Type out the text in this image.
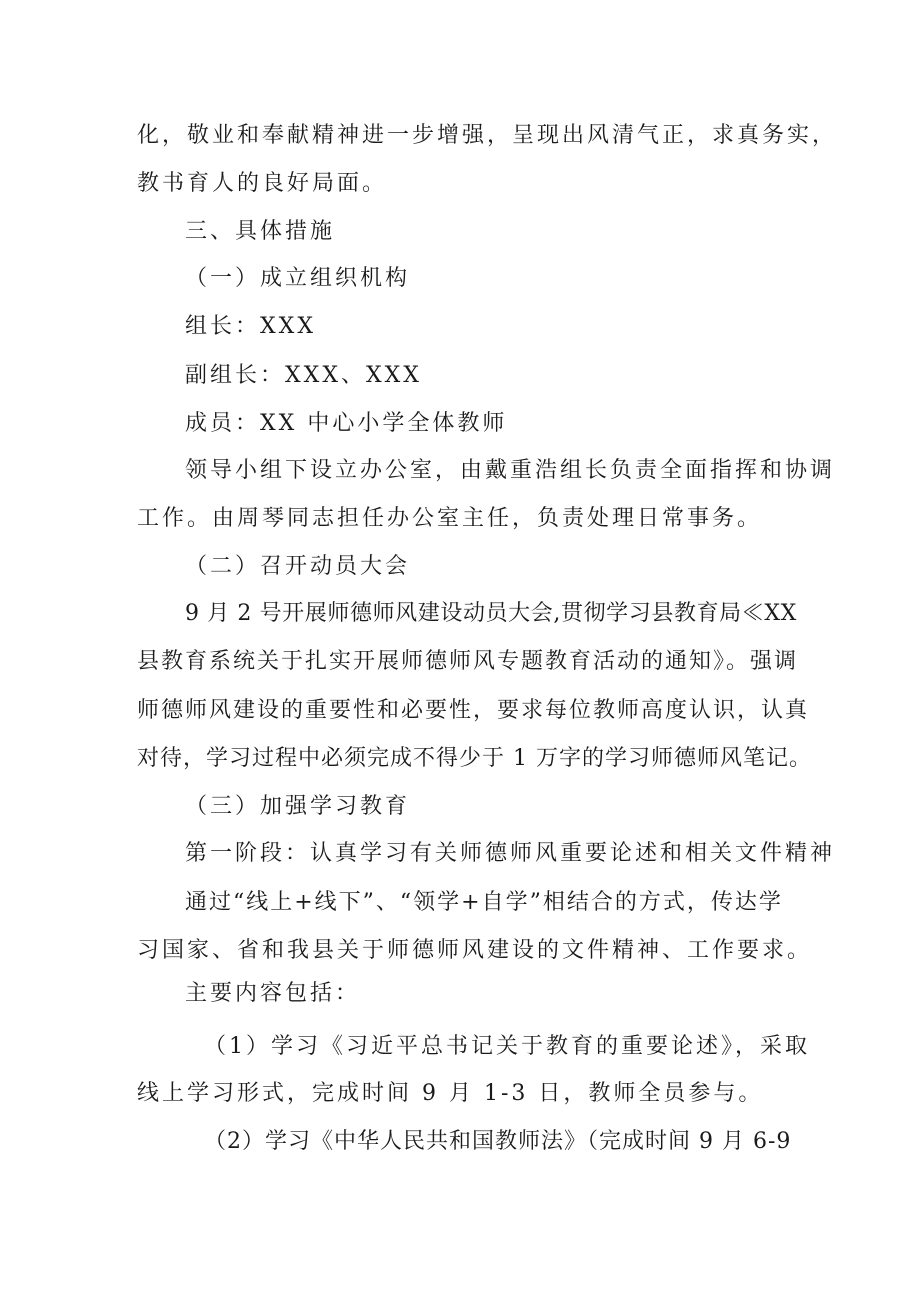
化，敬业和奉献精神进一步增强，呈现出风清气正，求真务实，
教书育人的良好局面。
三、具体措施
（一）成立组织机构
组长：XXX
副组长：XXX、XXX
成员：XX 中心小学全体教师
领导小组下设立办公室，由戴重浩组长负责全面指挥和协调
工作。由周琴同志担任办公室主任，负责处理日常事务。
（二）召开动员大会
9 月 2 号开展师德师风建设动员大会,贯彻学习县教育局≪XX
县教育系统关于扎实开展师德师风专题教育活动的通知》。强调
师德师风建设的重要性和必要性，要求每位教师高度认识，认真
对待，学习过程中必须完成不得少于 1 万字的学习师德师风笔记。
（三）加强学习教育
第一阶段：认真学习有关师德师风重要论述和相关文件精神
通过“线上+线下”、“领学+自学”相结合的方式，传达学
习国家、省和我县关于师德师风建设的文件精神、工作要求。
主要内容包括：
（1）学习《习近平总书记关于教育的重要论述》，采取
线上学习形式，完成时间 9 月 1-3 日，教师全员参与。
（2）学习《中华人民共和国教师法》（完成时间 9 月 6-9
